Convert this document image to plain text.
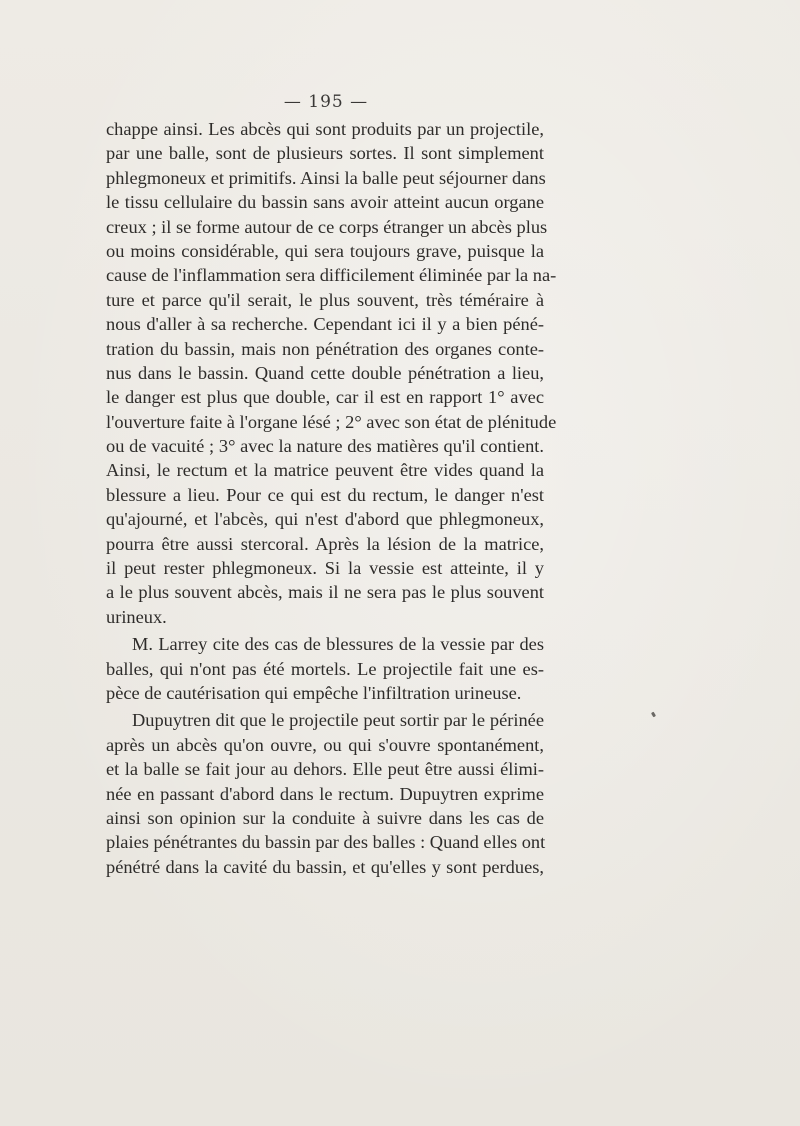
— 195 —

chappe ainsi. Les abcès qui sont produits par un projectile,
par une balle, sont de plusieurs sortes. Il sont simplement
phlegmoneux et primitifs. Ainsi la balle peut séjourner dans
le tissu cellulaire du bassin sans avoir atteint aucun organe
creux ; il se forme autour de ce corps étranger un abcès plus
ou moins considérable, qui sera toujours grave, puisque la
cause de l'inflammation sera difficilement éliminée par la na-
ture et parce qu'il serait, le plus souvent, très téméraire à
nous d'aller à sa recherche. Cependant ici il y a bien péné-
tration du bassin, mais non pénétration des organes conte-
nus dans le bassin. Quand cette double pénétration a lieu,
le danger est plus que double, car il est en rapport 1° avec
l'ouverture faite à l'organe lésé ; 2° avec son état de plénitude
ou de vacuité ; 3° avec la nature des matières qu'il contient.
Ainsi, le rectum et la matrice peuvent être vides quand la
blessure a lieu. Pour ce qui est du rectum, le danger n'est
qu'ajourné, et l'abcès, qui n'est d'abord que phlegmoneux,
pourra être aussi stercoral. Après la lésion de la matrice,
il peut rester phlegmoneux. Si la vessie est atteinte, il y
a le plus souvent abcès, mais il ne sera pas le plus souvent
urineux.

M. Larrey cite des cas de blessures de la vessie par des
balles, qui n'ont pas été mortels. Le projectile fait une es-
pèce de cautérisation qui empêche l'infiltration urineuse.

Dupuytren dit que le projectile peut sortir par le périnée
après un abcès qu'on ouvre, ou qui s'ouvre spontanément,
et la balle se fait jour au dehors. Elle peut être aussi élimi-
née en passant d'abord dans le rectum. Dupuytren exprime
ainsi son opinion sur la conduite à suivre dans les cas de
plaies pénétrantes du bassin par des balles : Quand elles ont
pénétré dans la cavité du bassin, et qu'elles y sont perdues,
